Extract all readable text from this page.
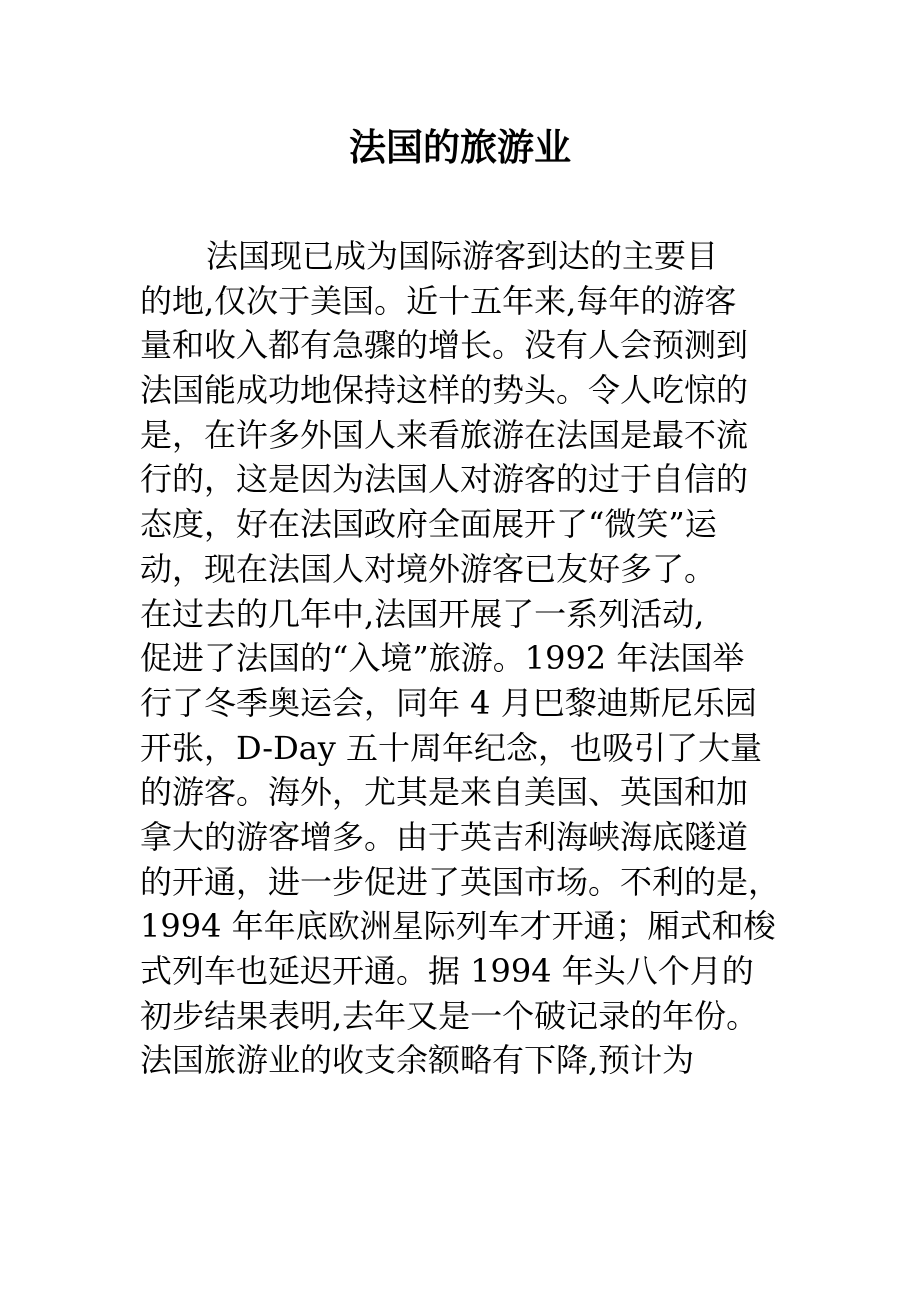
法国的旅游业
法国现已成为国际游客到达的主要目
的地,仅次于美国。近十五年来,每年的游客
量和收入都有急骤的增长。没有人会预测到
法国能成功地保持这样的势头。令人吃惊的
是，在许多外国人来看旅游在法国是最不流
行的，这是因为法国人对游客的过于自信的
态度，好在法国政府全面展开了“微笑”运
动，现在法国人对境外游客已友好多了。
在过去的几年中,法国开展了一系列活动,
促进了法国的“入境”旅游。1992 年法国举
行了冬季奥运会，同年 4 月巴黎迪斯尼乐园
开张，D-Day 五十周年纪念，也吸引了大量
的游客。海外，尤其是来自美国、英国和加
拿大的游客增多。由于英吉利海峡海底隧道
的开通，进一步促进了英国市场。不利的是，
1994 年年底欧洲星际列车才开通；厢式和梭
式列车也延迟开通。据 1994 年头八个月的
初步结果表明,去年又是一个破记录的年份。
法国旅游业的收支余额略有下降,预计为
